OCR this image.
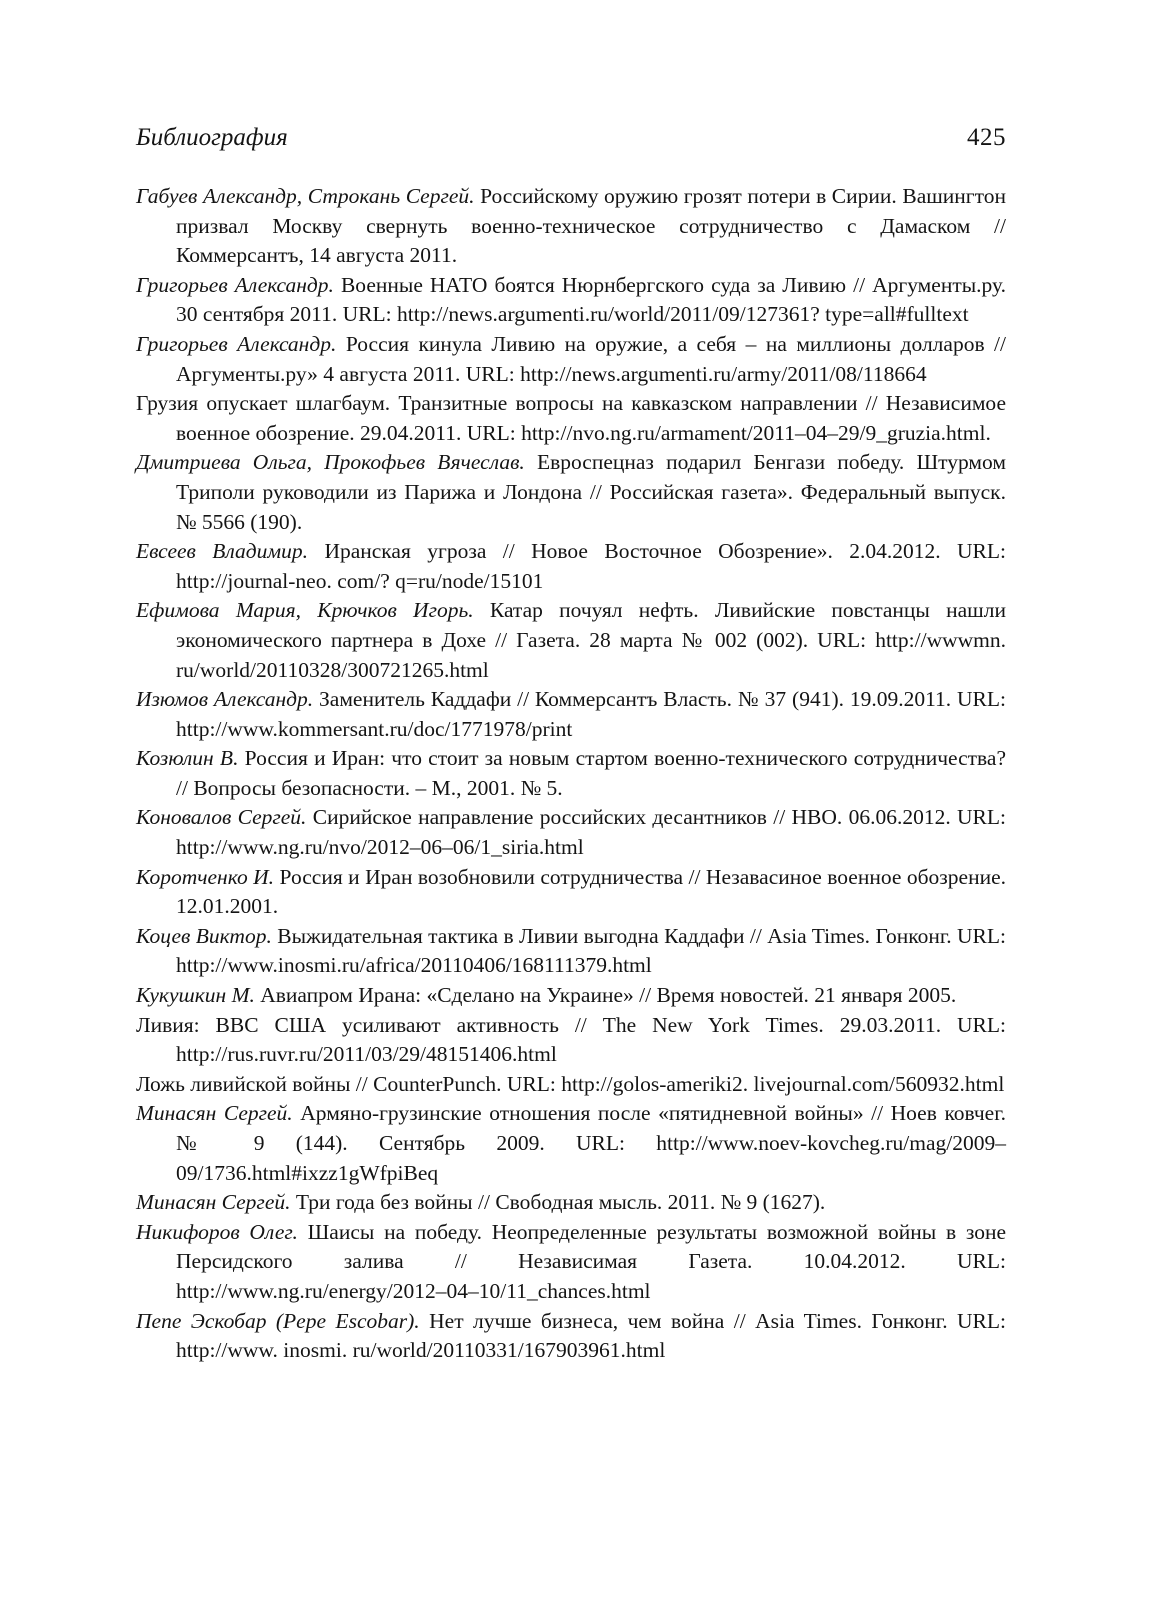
Библиография	425

Габуев Александр, Строкань Сергей. Российскому оружию грозят потери в Сирии. Вашингтон призвал Москву свернуть военно-техническое сотрудничество с Дамаском // Коммерсантъ, 14 августа 2011.

Григорьев Александр. Военные НАТО боятся Нюрнбергского суда за Ливию // Аргументы.ру. 30 сентября 2011. URL: http://news.argumenti.ru/world/2011/09/127361? type=all#fulltext

Григорьев Александр. Россия кинула Ливию на оружие, а себя – на миллионы долларов // Аргументы.ру» 4 августа 2011. URL: http://news.argumenti.ru/army/2011/08/118664

Грузия опускает шлагбаум. Транзитные вопросы на кавказском направлении // Независимое военное обозрение. 29.04.2011. URL: http://nvo.ng.ru/armament/2011–04–29/9_gruzia.html.

Дмитриева Ольга, Прокофьев Вячеслав. Евроспецназ подарил Бенгази победу. Штурмом Триполи руководили из Парижа и Лондона // Российская газета». Федеральный выпуск. № 5566 (190).

Евсеев Владимир. Иранская угроза // Новое Восточное Обозрение». 2.04.2012. URL: http://journal-neo. com/? q=ru/node/15101

Ефимова Мария, Крючков Игорь. Катар почуял нефть. Ливийские повстанцы нашли экономического партнера в Дохе // Газета. 28 марта № 002 (002). URL: http://wwwmn. ru/world/20110328/300721265.html

Изюмов Александр. Заменитель Каддафи // Коммерсантъ Власть. № 37 (941). 19.09.2011. URL: http://www.kommersant.ru/doc/1771978/print

Козюлин В. Россия и Иран: что стоит за новым стартом военно-технического сотрудничества? // Вопросы безопасности. – М., 2001. № 5.

Коновалов Сергей. Сирийское направление российских десантников // НВО. 06.06.2012. URL: http://www.ng.ru/nvo/2012–06–06/1_siria.html

Коротченко И. Россия и Иран возобновили сотрудничества // Незавасиное военное обозрение. 12.01.2001.

Коцев Виктор. Выжидательная тактика в Ливии выгодна Каддафи // Asia Times. Гонконг. URL: http://www.inosmi.ru/africa/20110406/168111379.html

Кукушкин М. Авиапром Ирана: «Сделано на Украине» // Время новостей. 21 января 2005.

Ливия: ВВС США усиливают активность // The New York Times. 29.03.2011. URL: http://rus.ruvr.ru/2011/03/29/48151406.html

Ложь ливийской войны // CounterPunch. URL: http://golos-ameriki2. livejournal.com/560932.html

Минасян Сергей. Армяно-грузинские отношения после «пятидневной войны» // Ноев ковчег. № 9 (144). Сентябрь 2009. URL: http://www.noev-kovcheg.ru/mag/2009–09/1736.html#ixzz1gWfpiBeq

Минасян Сергей. Три года без войны // Свободная мысль. 2011. № 9 (1627).

Никифоров Олег. Шаисы на победу. Неопределенные результаты возможной войны в зоне Персидского залива // Независимая Газета. 10.04.2012. URL: http://www.ng.ru/energy/2012–04–10/11_chances.html

Пепе Эскобар (Pepe Escobar). Нет лучше бизнеса, чем война // Asia Times. Гонконг. URL: http://www. inosmi. ru/world/20110331/167903961.html
